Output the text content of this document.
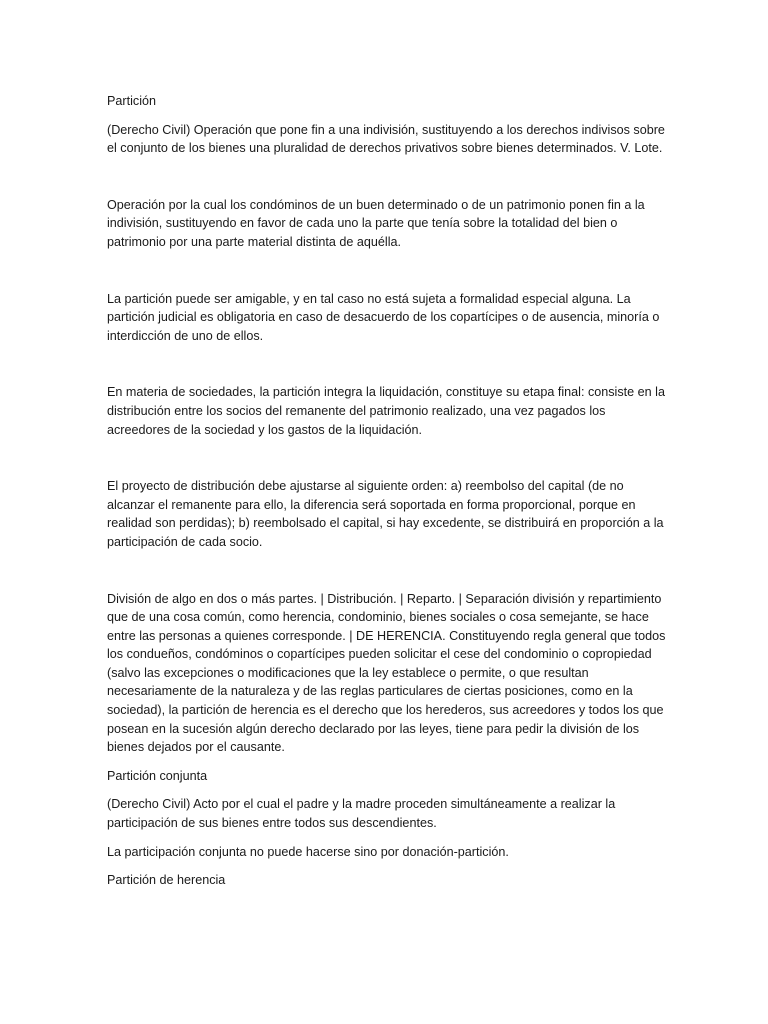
Partición

(Derecho Civil) Operación que pone fin a una indivisión, sustituyendo a los derechos indivisos sobre el conjunto de los bienes una pluralidad de derechos privativos sobre bienes determinados. V. Lote.

Operación por la cual los condóminos de un buen determinado o de un patrimonio ponen fin a la indivisión, sustituyendo en favor de cada uno la parte que tenía sobre la totalidad del bien o patrimonio por una parte material distinta de aquélla.

La partición puede ser amigable, y en tal caso no está sujeta a formalidad especial alguna. La partición judicial es obligatoria en caso de desacuerdo de los copartícipes o de ausencia, minoría o interdicción de uno de ellos.

En materia de sociedades, la partición integra la liquidación, constituye su etapa final: consiste en la distribución entre los socios del remanente del patrimonio realizado, una vez pagados los acreedores de la sociedad y los gastos de la liquidación.

El proyecto de distribución debe ajustarse al siguiente orden: a) reembolso del capital (de no alcanzar el remanente para ello, la diferencia será soportada en forma proporcional, porque en realidad son perdidas); b) reembolsado el capital, si hay excedente, se distribuirá en proporción a la participación de cada socio.

División de algo en dos o más partes. | Distribución. | Reparto. | Separación división y repartimiento que de una cosa común, como herencia, condominio, bienes sociales o cosa semejante, se hace entre las personas a quienes corresponde. | DE HERENCIA. Constituyendo regla general que todos los condueños, condóminos o copartícipes pueden solicitar el cese del condominio o copropiedad (salvo las excepciones o modificaciones que la ley establece o permite, o que resultan necesariamente de la naturaleza y de las reglas particulares de ciertas posiciones, como en la sociedad), la partición de herencia es el derecho que los herederos, sus acreedores y todos los que posean en la sucesión algún derecho declarado por las leyes, tiene para pedir la división de los bienes dejados por el causante.

Partición conjunta

(Derecho Civil) Acto por el cual el padre y la madre proceden simultáneamente a realizar la participación de sus bienes entre todos sus descendientes.

La participación conjunta no puede hacerse sino por donación-partición.

Partición de herencia
